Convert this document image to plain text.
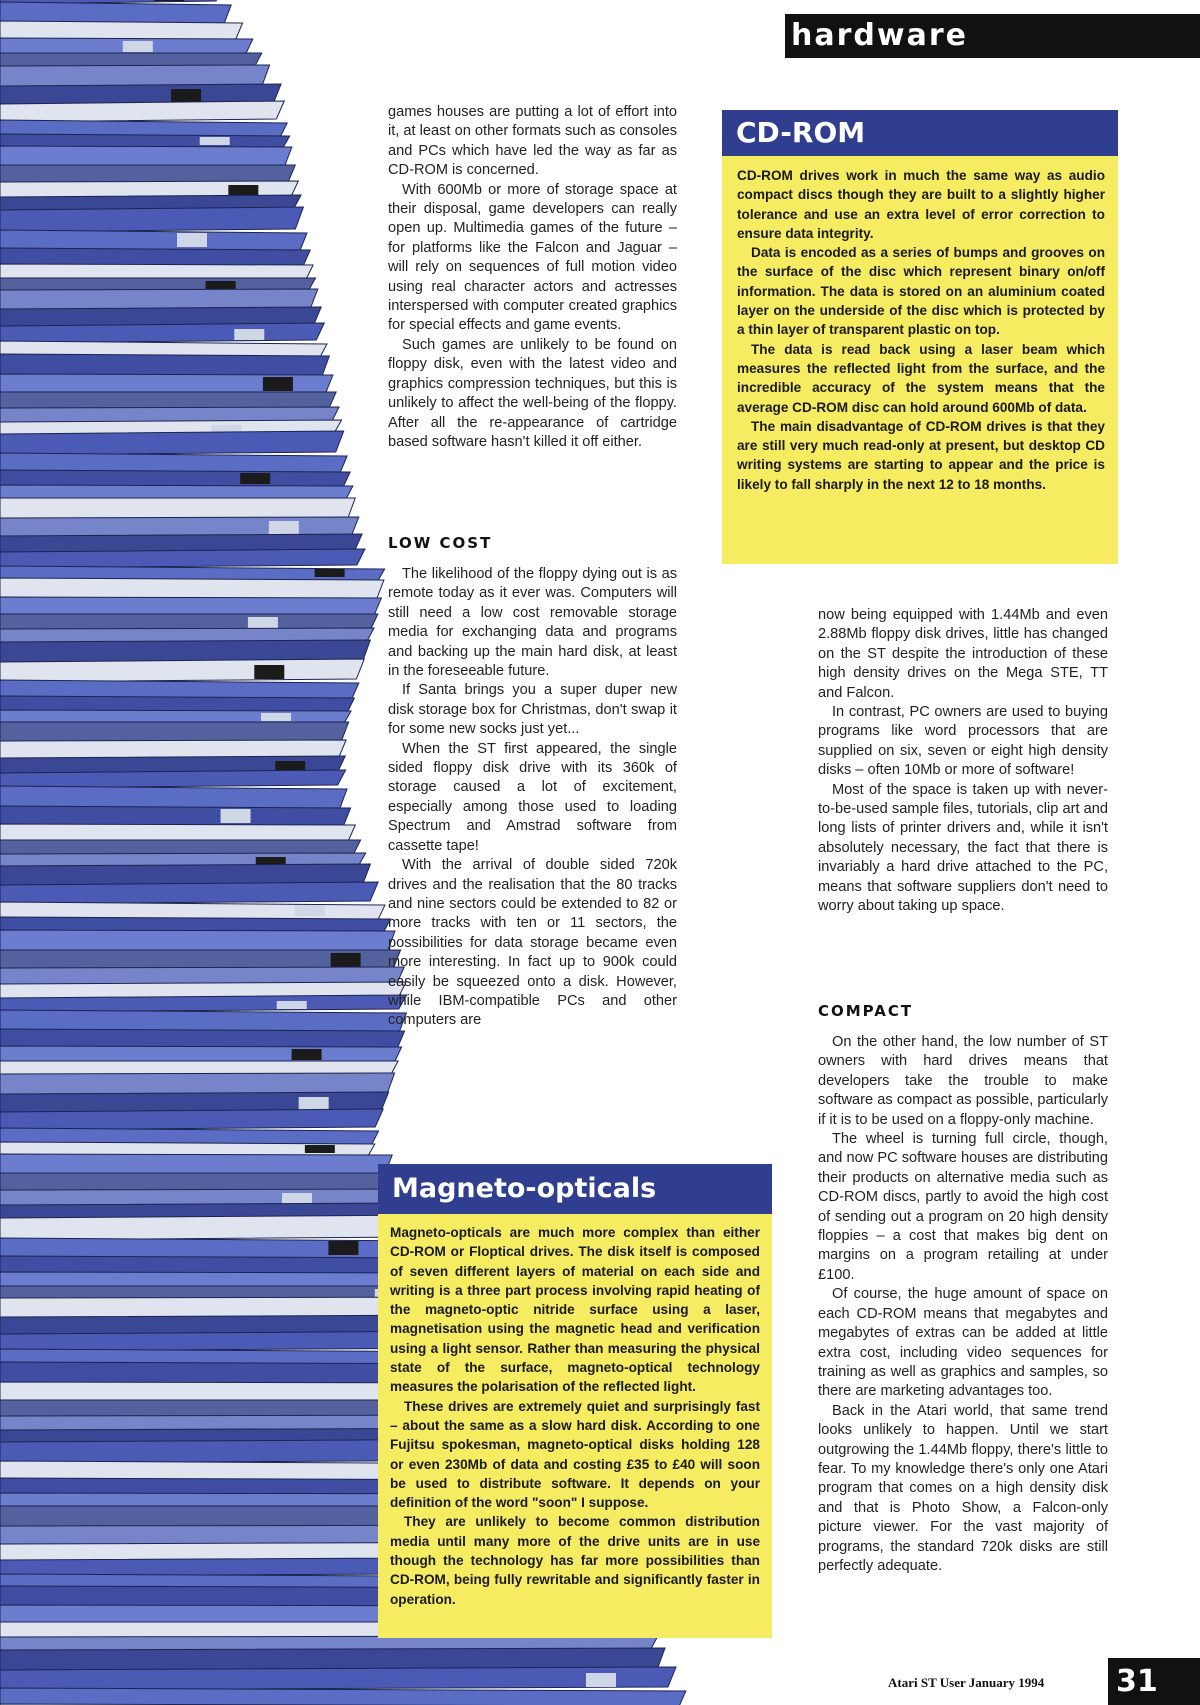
hardware

games houses are putting a lot of effort into it, at least on other formats such as consoles and PCs which have led the way as far as CD-ROM is concerned.

With 600Mb or more of storage space at their disposal, game developers can really open up. Multimedia games of the future – for platforms like the Falcon and Jaguar – will rely on sequences of full motion video using real character actors and actresses interspersed with computer created graphics for special effects and game events.

Such games are unlikely to be found on floppy disk, even with the latest video and graphics compression techniques, but this is unlikely to affect the well-being of the floppy. After all the re-appearance of cartridge based software hasn't killed it off either.

LOW COST

The likelihood of the floppy dying out is as remote today as it ever was. Computers will still need a low cost removable storage media for exchanging data and programs and backing up the main hard disk, at least in the foreseeable future.

If Santa brings you a super duper new disk storage box for Christmas, don't swap it for some new socks just yet...

When the ST first appeared, the single sided floppy disk drive with its 360k of storage caused a lot of excitement, especially among those used to loading Spectrum and Amstrad software from cassette tape!

With the arrival of double sided 720k drives and the realisation that the 80 tracks and nine sectors could be extended to 82 or more tracks with ten or 11 sectors, the possibilities for data storage became even more interesting. In fact up to 900k could easily be squeezed onto a disk. However, while IBM-compatible PCs and other computers are

CD-ROM

CD-ROM drives work in much the same way as audio compact discs though they are built to a slightly higher tolerance and use an extra level of error correction to ensure data integrity.

Data is encoded as a series of bumps and grooves on the surface of the disc which represent binary on/off information. The data is stored on an aluminium coated layer on the underside of the disc which is protected by a thin layer of transparent plastic on top.

The data is read back using a laser beam which measures the reflected light from the surface, and the incredible accuracy of the system means that the average CD-ROM disc can hold around 600Mb of data.

The main disadvantage of CD-ROM drives is that they are still very much read-only at present, but desktop CD writing systems are starting to appear and the price is likely to fall sharply in the next 12 to 18 months.

now being equipped with 1.44Mb and even 2.88Mb floppy disk drives, little has changed on the ST despite the introduction of these high density drives on the Mega STE, TT and Falcon.

In contrast, PC owners are used to buying programs like word processors that are supplied on six, seven or eight high density disks – often 10Mb or more of software!

Most of the space is taken up with never-to-be-used sample files, tutorials, clip art and long lists of printer drivers and, while it isn't absolutely necessary, the fact that there is invariably a hard drive attached to the PC, means that software suppliers don't need to worry about taking up space.

COMPACT

On the other hand, the low number of ST owners with hard drives means that developers take the trouble to make software as compact as possible, particularly if it is to be used on a floppy-only machine.

The wheel is turning full circle, though, and now PC software houses are distributing their products on alternative media such as CD-ROM discs, partly to avoid the high cost of sending out a program on 20 high density floppies – a cost that makes big dent on margins on a program retailing at under £100.

Of course, the huge amount of space on each CD-ROM means that megabytes and megabytes of extras can be added at little extra cost, including video sequences for training as well as graphics and samples, so there are marketing advantages too.

Back in the Atari world, that same trend looks unlikely to happen. Until we start outgrowing the 1.44Mb floppy, there's little to fear. To my knowledge there's only one Atari program that comes on a high density disk and that is Photo Show, a Falcon-only picture viewer. For the vast majority of programs, the standard 720k disks are still perfectly adequate.

Magneto-opticals

Magneto-opticals are much more complex than either CD-ROM or Floptical drives. The disk itself is composed of seven different layers of material on each side and writing is a three part process involving rapid heating of the magneto-optic nitride surface using a laser, magnetisation using the magnetic head and verification using a light sensor. Rather than measuring the physical state of the surface, magneto-optical technology measures the polarisation of the reflected light.

These drives are extremely quiet and surprisingly fast – about the same as a slow hard disk. According to one Fujitsu spokesman, magneto-optical disks holding 128 or even 230Mb of data and costing £35 to £40 will soon be used to distribute software. It depends on your definition of the word "soon" I suppose.

They are unlikely to become common distribution media until many more of the drive units are in use though the technology has far more possibilities than CD-ROM, being fully rewritable and significantly faster in operation.

Atari ST User January 1994 31
